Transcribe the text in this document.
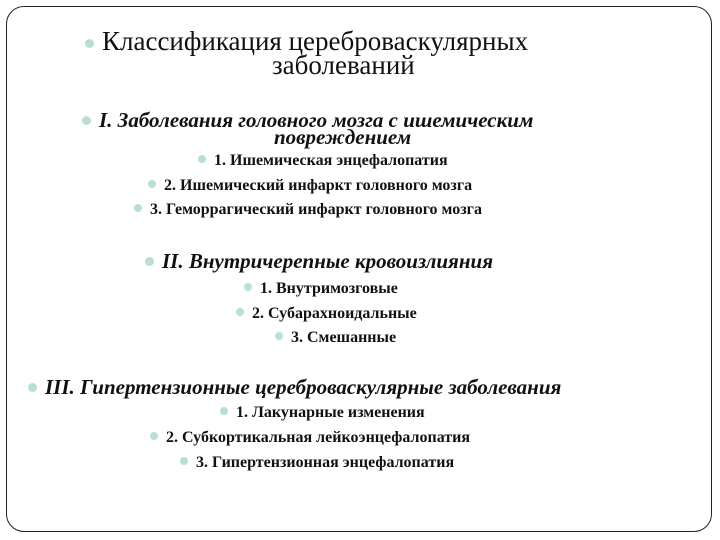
Классификация цереброваскулярных
заболеваний
I. Заболевания головного мозга с ишемическим
повреждением
1. Ишемическая энцефалопатия
2. Ишемический инфаркт головного мозга
3. Геморрагический инфаркт головного мозга
II. Внутричерепные кровоизлияния
1. Внутримозговые
2. Субарахноидальные
3. Смешанные
III. Гипертензионные цереброваскулярные заболевания
1. Лакунарные изменения
2. Субкортикальная лейкоэнцефалопатия
3. Гипертензионная энцефалопатия
